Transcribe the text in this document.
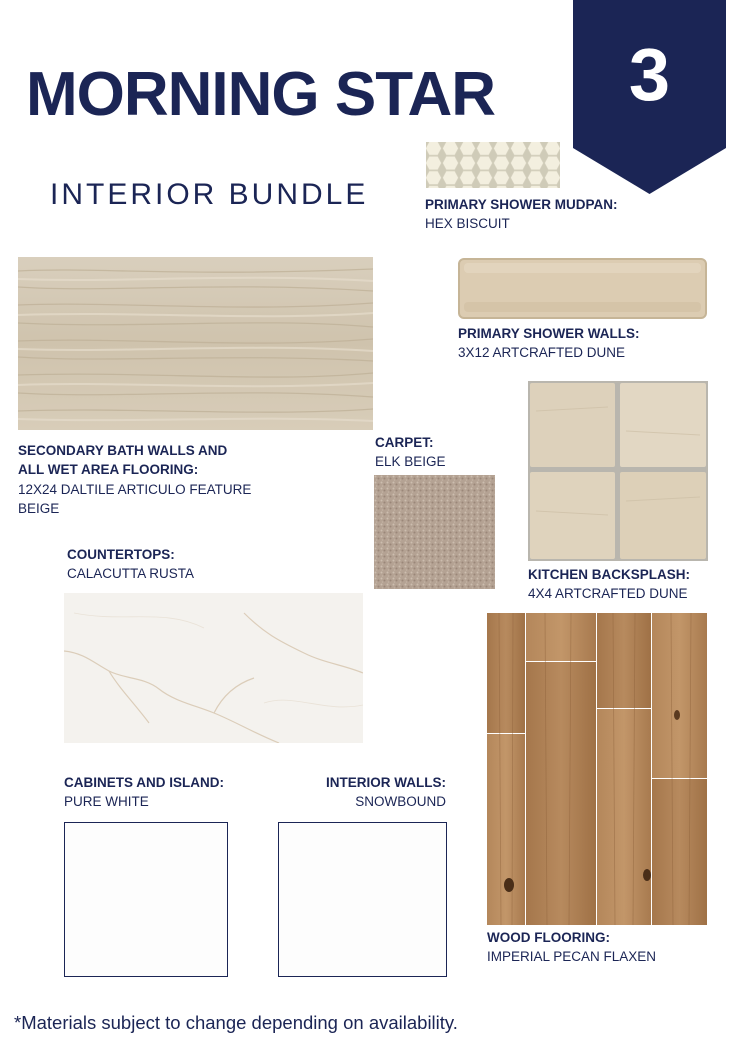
MORNING STAR
INTERIOR BUNDLE
3
PRIMARY SHOWER MUDPAN:
HEX BISCUIT
SECONDARY BATH WALLS AND
ALL WET AREA FLOORING:
12X24 DALTILE ARTICULO FEATURE
BEIGE
PRIMARY SHOWER WALLS:
3X12 ARTCRAFTED DUNE
CARPET:
ELK BEIGE
KITCHEN BACKSPLASH:
4X4 ARTCRAFTED DUNE
COUNTERTOPS:
CALACUTTA RUSTA
WOOD FLOORING:
IMPERIAL PECAN FLAXEN
CABINETS AND ISLAND:
PURE WHITE
INTERIOR WALLS:
SNOWBOUND
*Materials subject to change depending on availability.
